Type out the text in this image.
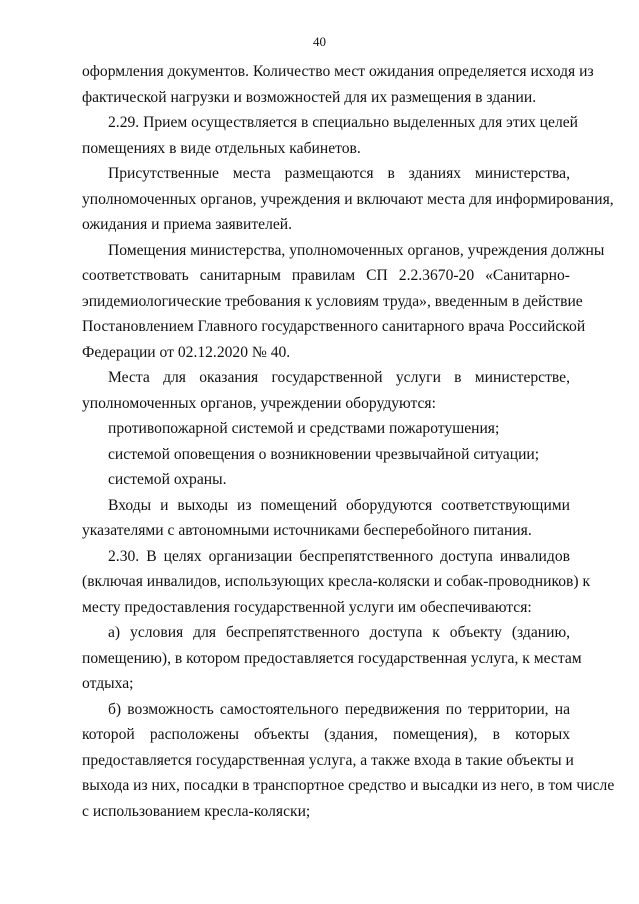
40
оформления документов. Количество мест ожидания определяется исходя из
фактической нагрузки и возможностей для их размещения в здании.
2.29. Прием осуществляется в специально выделенных для этих целей
помещениях в виде отдельных кабинетов.
Присутственные места размещаются в зданиях министерства,
уполномоченных органов, учреждения и включают места для информирования,
ожидания и приема заявителей.
Помещения министерства, уполномоченных органов, учреждения должны
соответствовать санитарным правилам СП 2.2.3670-20 «Санитарно-
эпидемиологические требования к условиям труда», введенным в действие
Постановлением Главного государственного санитарного врача Российской
Федерации от 02.12.2020 № 40.
Места для оказания государственной услуги в министерстве,
уполномоченных органов, учреждении оборудуются:
противопожарной системой и средствами пожаротушения;
системой оповещения о возникновении чрезвычайной ситуации;
системой охраны.
Входы и выходы из помещений оборудуются соответствующими
указателями с автономными источниками бесперебойного питания.
2.30. В целях организации беспрепятственного доступа инвалидов
(включая инвалидов, использующих кресла-коляски и собак-проводников) к
месту предоставления государственной услуги им обеспечиваются:
а) условия для беспрепятственного доступа к объекту (зданию,
помещению), в котором предоставляется государственная услуга, к местам
отдыха;
б) возможность самостоятельного передвижения по территории, на
которой расположены объекты (здания, помещения), в которых
предоставляется государственная услуга, а также входа в такие объекты и
выхода из них, посадки в транспортное средство и высадки из него, в том числе
с использованием кресла-коляски;
